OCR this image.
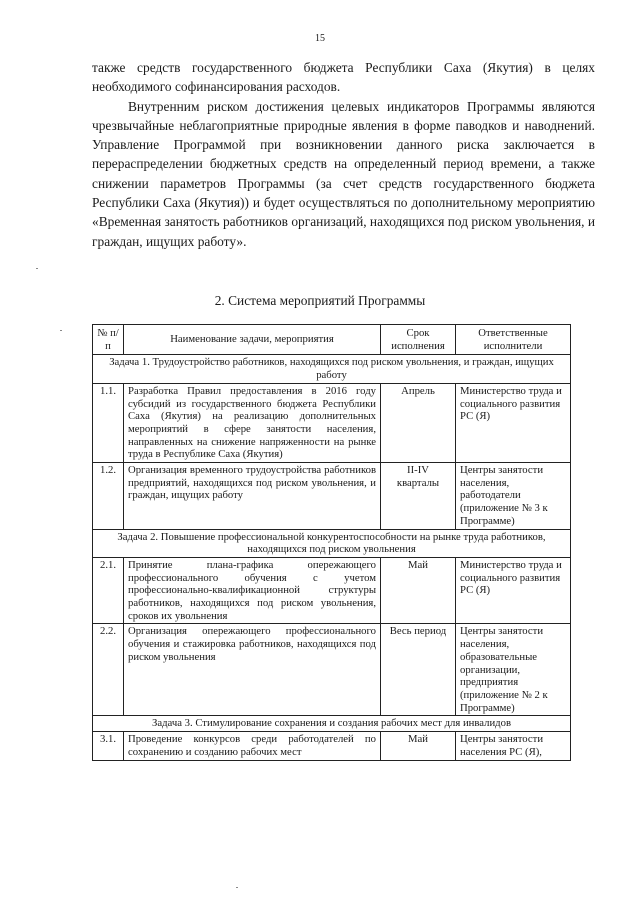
15

также средств государственного бюджета Республики Саха (Якутия) в целях необходимого софинансирования расходов.

Внутренним риском достижения целевых индикаторов Программы являются чрезвычайные неблагоприятные природные явления в форме паводков и наводнений. Управление Программой при возникновении данного риска заключается в перераспределении бюджетных средств на определенный период времени, а также снижении параметров Программы (за счет средств государственного бюджета Республики Саха (Якутия)) и будет осуществляться по дополнительному мероприятию «Временная занятость работников организаций, находящихся под риском увольнения, и граждан, ищущих работу».

2. Система мероприятий Программы
№ п/п	Наименование задачи, мероприятия	Срок исполнения	Ответственные исполнители
Задача 1. Трудоустройство работников, находящихся под риском увольнения, и граждан, ищущих работу			
1.1.	Разработка Правил предоставления в 2016 году субсидий из государственного бюджета Республики Саха (Якутия) на реализацию дополнительных мероприятий в сфере занятости населения, направленных на снижение напряженности на рынке труда в Республике Саха (Якутия)	Апрель	Министерство труда и социального развития РС (Я)
1.2.	Организация временного трудоустройства работников предприятий, находящихся под риском увольнения, и граждан, ищущих работу	II-IV кварталы	Центры занятости населения, работодатели (приложение № 3 к Программе)
Задача 2. Повышение профессиональной конкурентоспособности на рынке труда работников, находящихся под риском увольнения			
2.1.	Принятие плана-графика опережающего профессионального обучения с учетом профессионально-квалификационной структуры работников, находящихся под риском увольнения, сроков их увольнения	Май	Министерство труда и социального развития РС (Я)
2.2.	Организация опережающего профессионального обучения и стажировка работников, находящихся под риском увольнения	Весь период	Центры занятости населения, образовательные организации, предприятия (приложение № 2 к Программе)
Задача 3. Стимулирование сохранения и создания рабочих мест для инвалидов			
3.1.	Проведение конкурсов среди работодателей по сохранению и созданию рабочих мест	Май	Центры занятости населения РС (Я),
